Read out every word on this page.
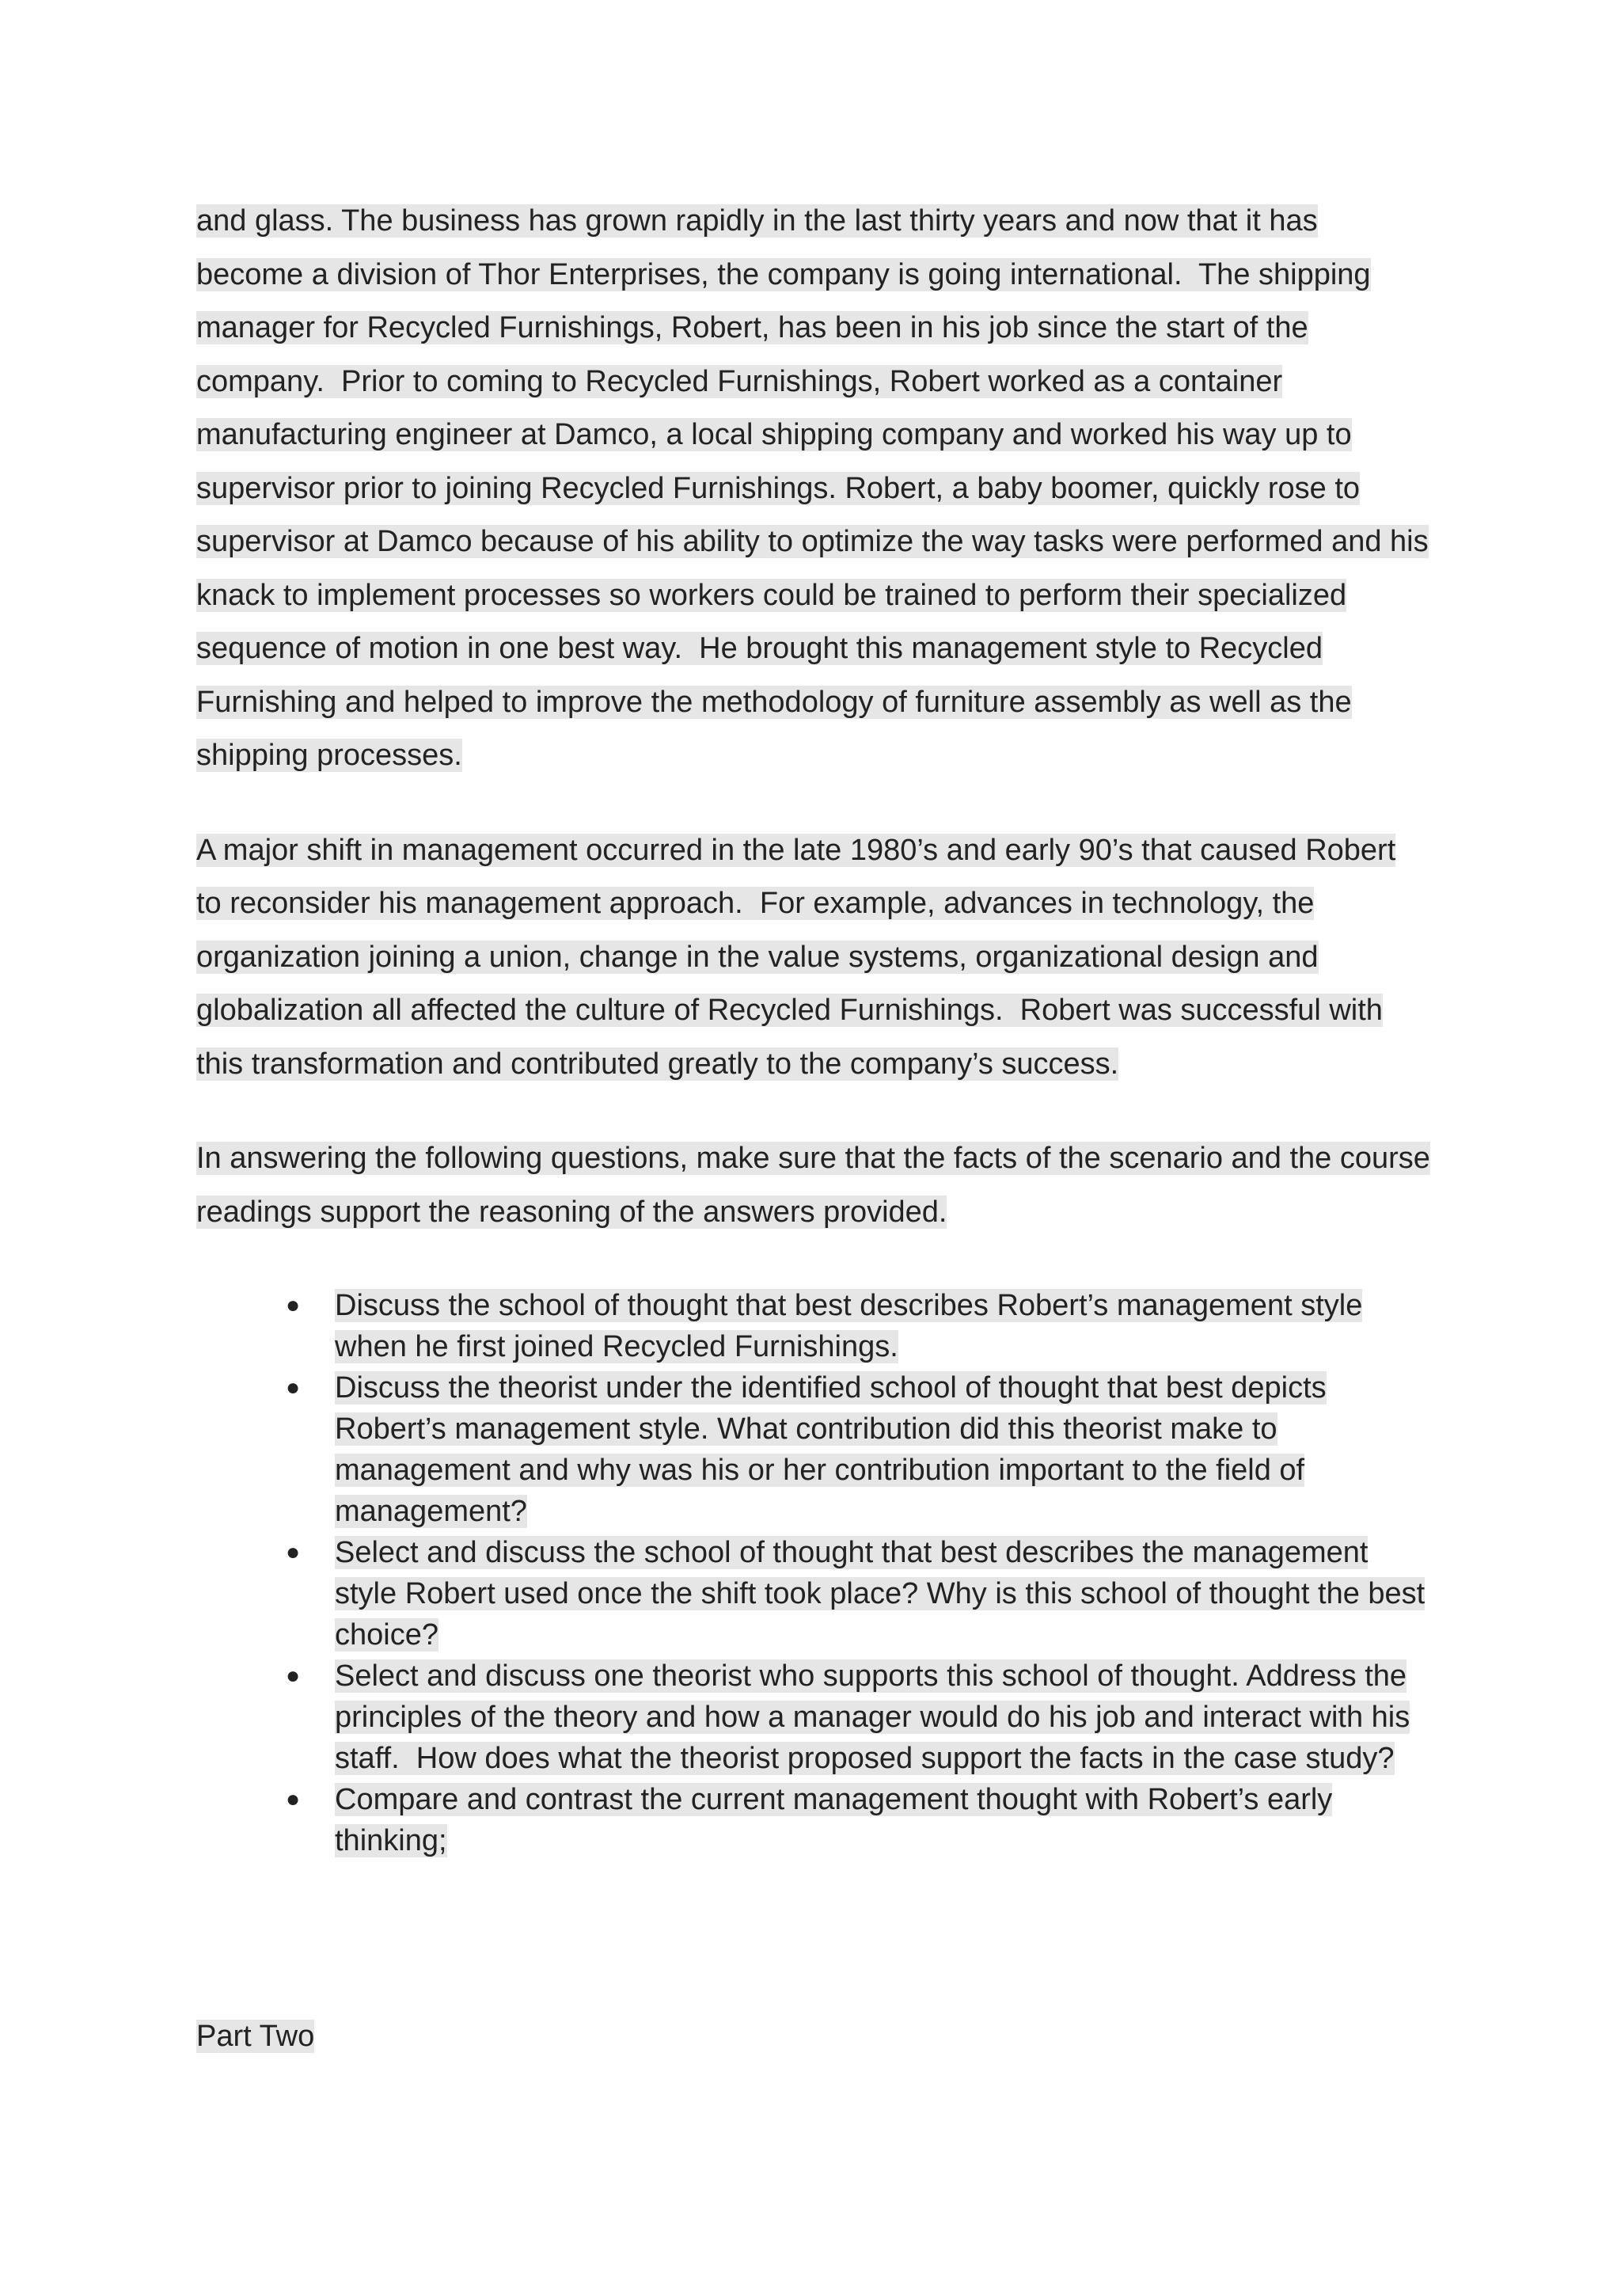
and glass. The business has grown rapidly in the last thirty years and now that it has
become a division of Thor Enterprises, the company is going international.  The shipping
manager for Recycled Furnishings, Robert, has been in his job since the start of the
company.  Prior to coming to Recycled Furnishings, Robert worked as a container
manufacturing engineer at Damco, a local shipping company and worked his way up to
supervisor prior to joining Recycled Furnishings. Robert, a baby boomer, quickly rose to
supervisor at Damco because of his ability to optimize the way tasks were performed and his
knack to implement processes so workers could be trained to perform their specialized
sequence of motion in one best way.  He brought this management style to Recycled
Furnishing and helped to improve the methodology of furniture assembly as well as the
shipping processes.

A major shift in management occurred in the late 1980’s and early 90’s that caused Robert
to reconsider his management approach.  For example, advances in technology, the
organization joining a union, change in the value systems, organizational design and
globalization all affected the culture of Recycled Furnishings.  Robert was successful with
this transformation and contributed greatly to the company’s success.

In answering the following questions, make sure that the facts of the scenario and the course
readings support the reasoning of the answers provided.

● Discuss the school of thought that best describes Robert’s management style
when he first joined Recycled Furnishings.
● Discuss the theorist under the identified school of thought that best depicts
Robert’s management style. What contribution did this theorist make to
management and why was his or her contribution important to the field of
management?
● Select and discuss the school of thought that best describes the management
style Robert used once the shift took place? Why is this school of thought the best
choice?
● Select and discuss one theorist who supports this school of thought. Address the
principles of the theory and how a manager would do his job and interact with his
staff.  How does what the theorist proposed support the facts in the case study?
● Compare and contrast the current management thought with Robert’s early
thinking;

Part Two
